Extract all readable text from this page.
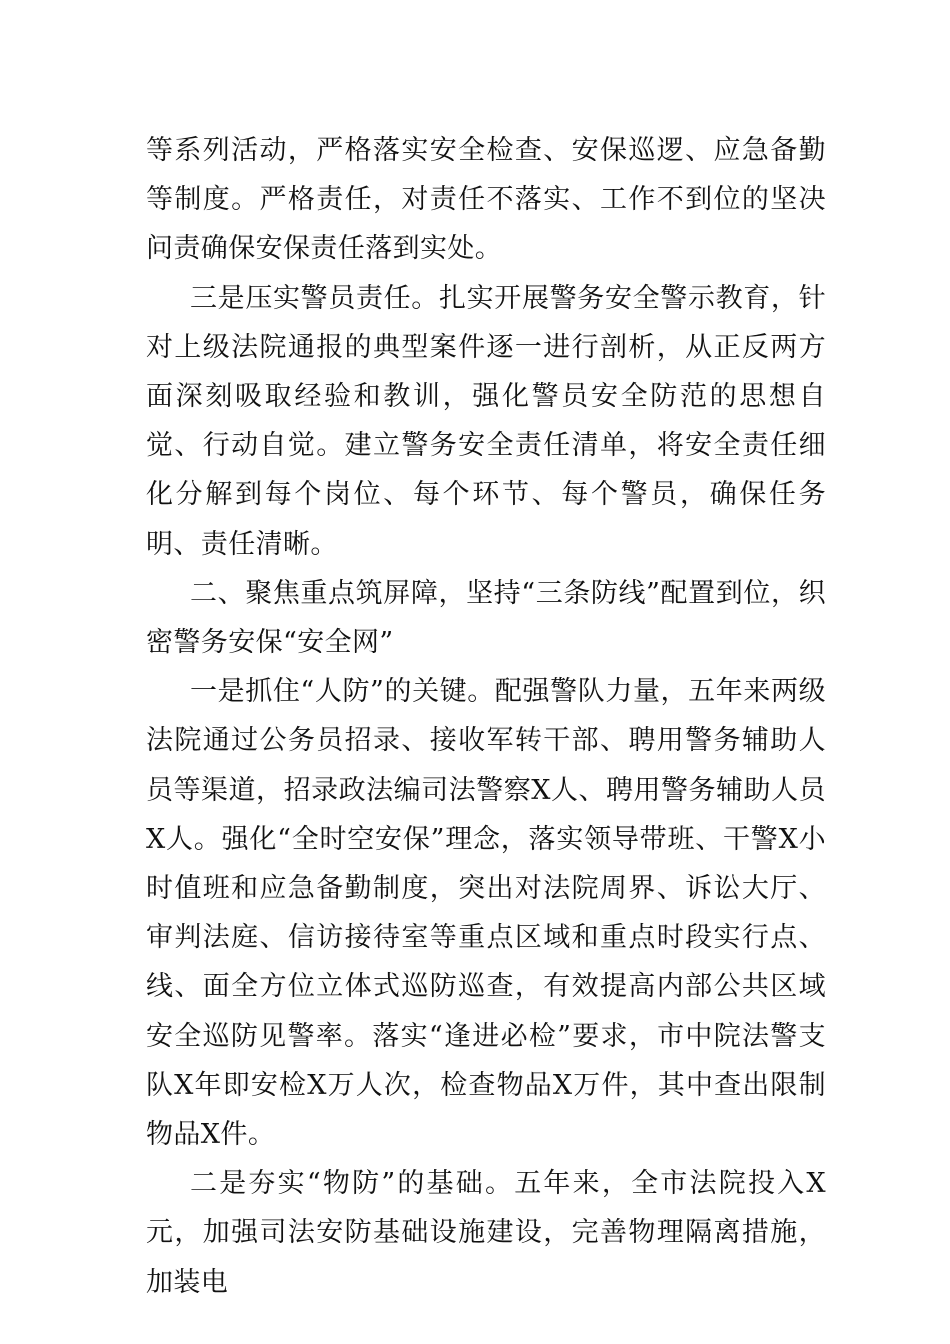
等系列活动，严格落实安全检查、安保巡逻、应急备勤等制度。严格责任，对责任不落实、工作不到位的坚决问责确保安保责任落到实处。

三是压实警员责任。扎实开展警务安全警示教育，针对上级法院通报的典型案件逐一进行剖析，从正反两方面深刻吸取经验和教训，强化警员安全防范的思想自觉、行动自觉。建立警务安全责任清单，将安全责任细化分解到每个岗位、每个环节、每个警员，确保任务明、责任清晰。

二、聚焦重点筑屏障，坚持“三条防线”配置到位，织密警务安保“安全网”

一是抓住“人防”的关键。配强警队力量，五年来两级法院通过公务员招录、接收军转干部、聘用警务辅助人员等渠道，招录政法编司法警察X人、聘用警务辅助人员X人。强化“全时空安保”理念，落实领导带班、干警X小时值班和应急备勤制度，突出对法院周界、诉讼大厅、审判法庭、信访接待室等重点区域和重点时段实行点、线、面全方位立体式巡防巡查，有效提高内部公共区域安全巡防见警率。落实“逢进必检”要求，市中院法警支队X年即安检X万人次，检查物品X万件，其中查出限制物品X件。

二是夯实“物防”的基础。五年来，全市法院投入X元，加强司法安防基础设施建设，完善物理隔离措施，加装电
